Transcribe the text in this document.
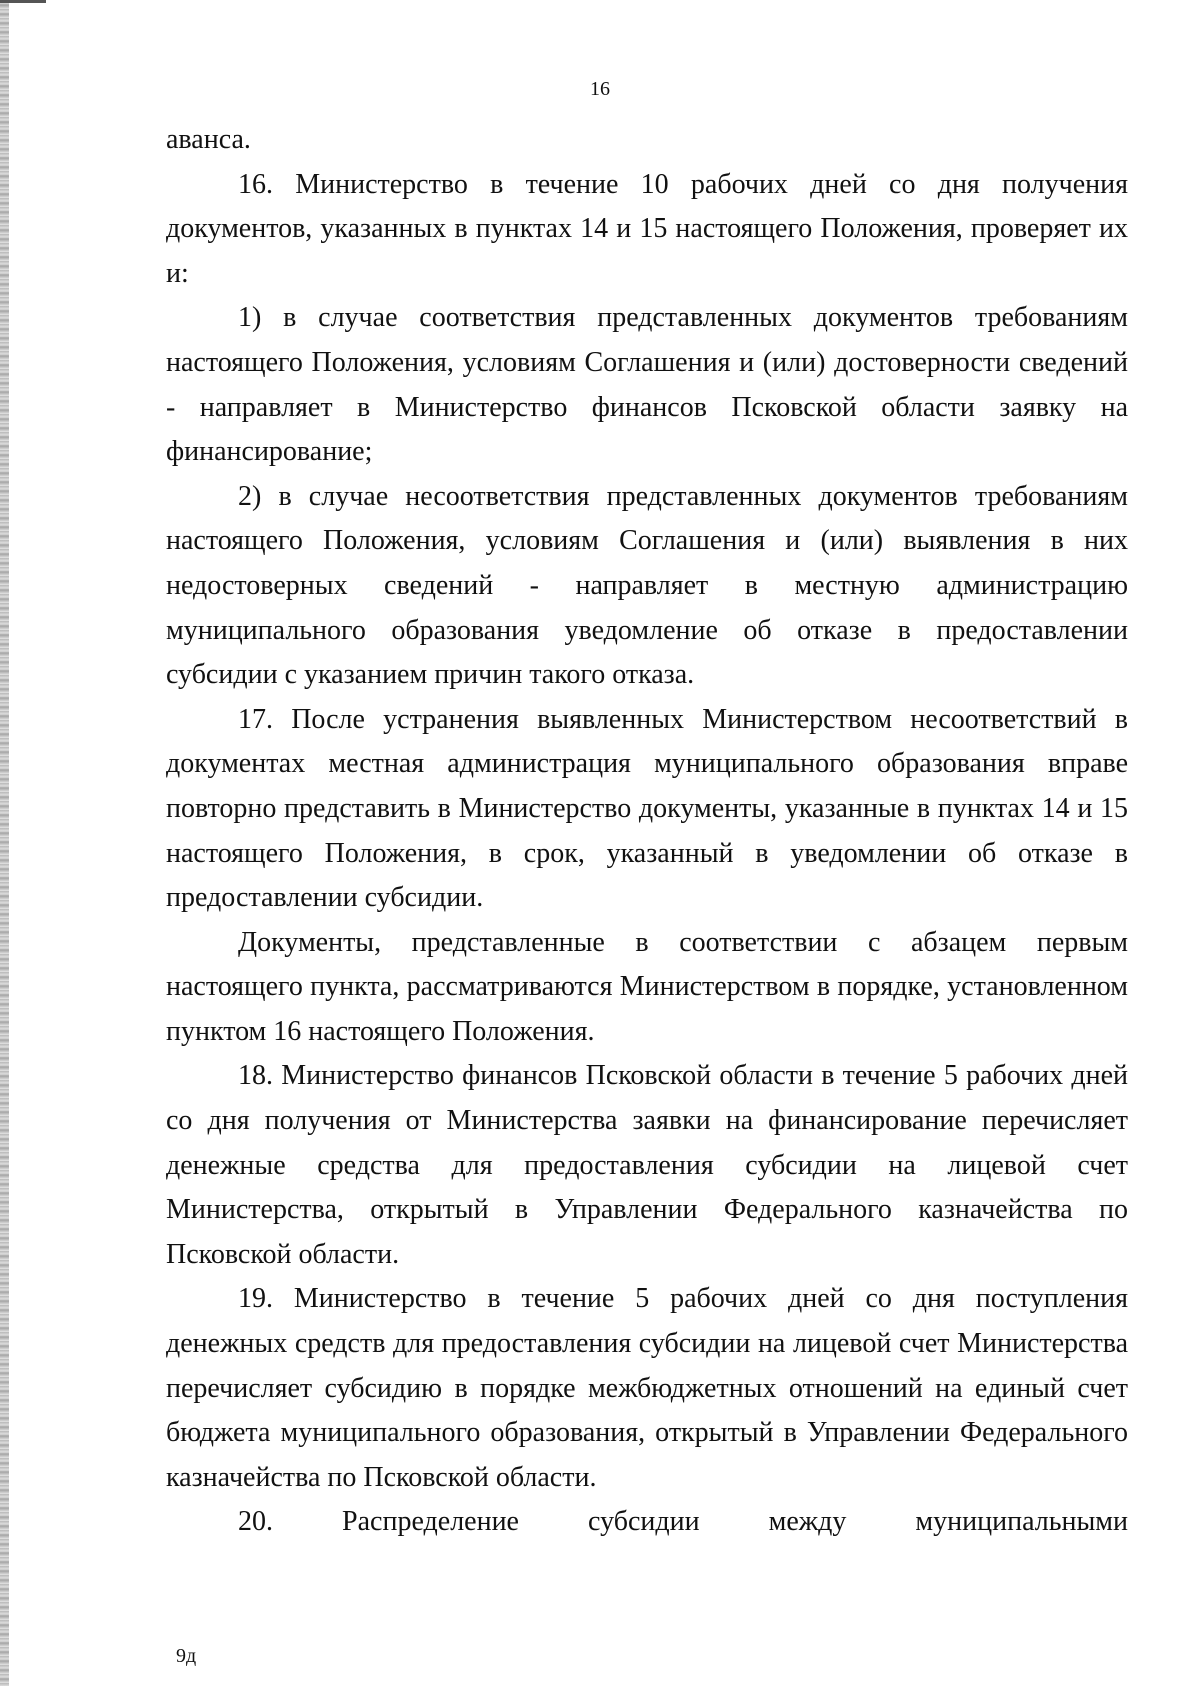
16

аванса.

16. Министерство в течение 10 рабочих дней со дня получения документов, указанных в пунктах 14 и 15 настоящего Положения, проверяет их и:

1) в случае соответствия представленных документов требованиям настоящего Положения, условиям Соглашения и (или) достоверности сведений - направляет в Министерство финансов Псковской области заявку на финансирование;

2) в случае несоответствия представленных документов требованиям настоящего Положения, условиям Соглашения и (или) выявления в них недостоверных сведений - направляет в местную администрацию муниципального образования уведомление об отказе в предоставлении субсидии с указанием причин такого отказа.

17. После устранения выявленных Министерством несоответствий в документах местная администрация муниципального образования вправе повторно представить в Министерство документы, указанные в пунктах 14 и 15 настоящего Положения, в срок, указанный в уведомлении об отказе в предоставлении субсидии.

Документы, представленные в соответствии с абзацем первым настоящего пункта, рассматриваются Министерством в порядке, установленном пунктом 16 настоящего Положения.

18. Министерство финансов Псковской области в течение 5 рабочих дней со дня получения от Министерства заявки на финансирование перечисляет денежные средства для предоставления субсидии на лицевой счет Министерства, открытый в Управлении Федерального казначейства по Псковской области.

19. Министерство в течение 5 рабочих дней со дня поступления денежных средств для предоставления субсидии на лицевой счет Министерства перечисляет субсидию в порядке межбюджетных отношений на единый счет бюджета муниципального образования, открытый в Управлении Федерального казначейства по Псковской области.

20. Распределение субсидии между муниципальными

9д
